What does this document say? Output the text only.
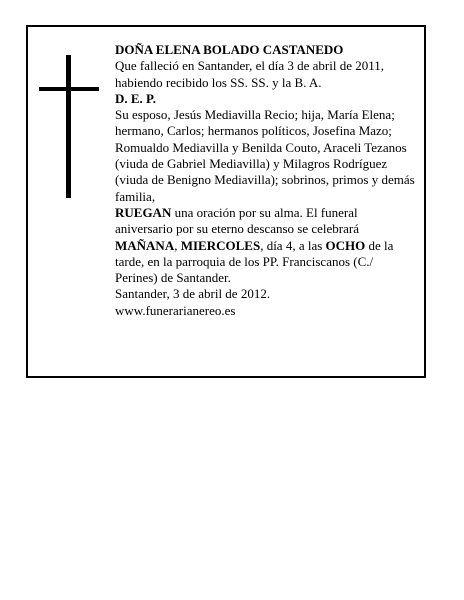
DOÑA ELENA BOLADO CASTANEDO

Que falleció en Santander, el día 3 de abril de 2011, habiendo recibido los SS. SS. y la B. A.

D. E. P.

Su esposo, Jesús Mediavilla Recio; hija, María Elena; hermano, Carlos; hermanos políticos, Josefina Mazo; Romualdo Mediavilla y Benilda Couto, Araceli Tezanos (viuda de Gabriel Mediavilla) y Milagros Rodríguez (viuda de Benigno Mediavilla); sobrinos, primos y demás familia,

RUEGAN una oración por su alma. El funeral aniversario por su eterno descanso se celebrará MAÑANA, MIERCOLES, día 4, a las OCHO de la tarde, en la parroquia de los PP. Franciscanos (C./ Perines) de Santander.

Santander, 3 de abril de 2012.

www.funerarianereo.es
